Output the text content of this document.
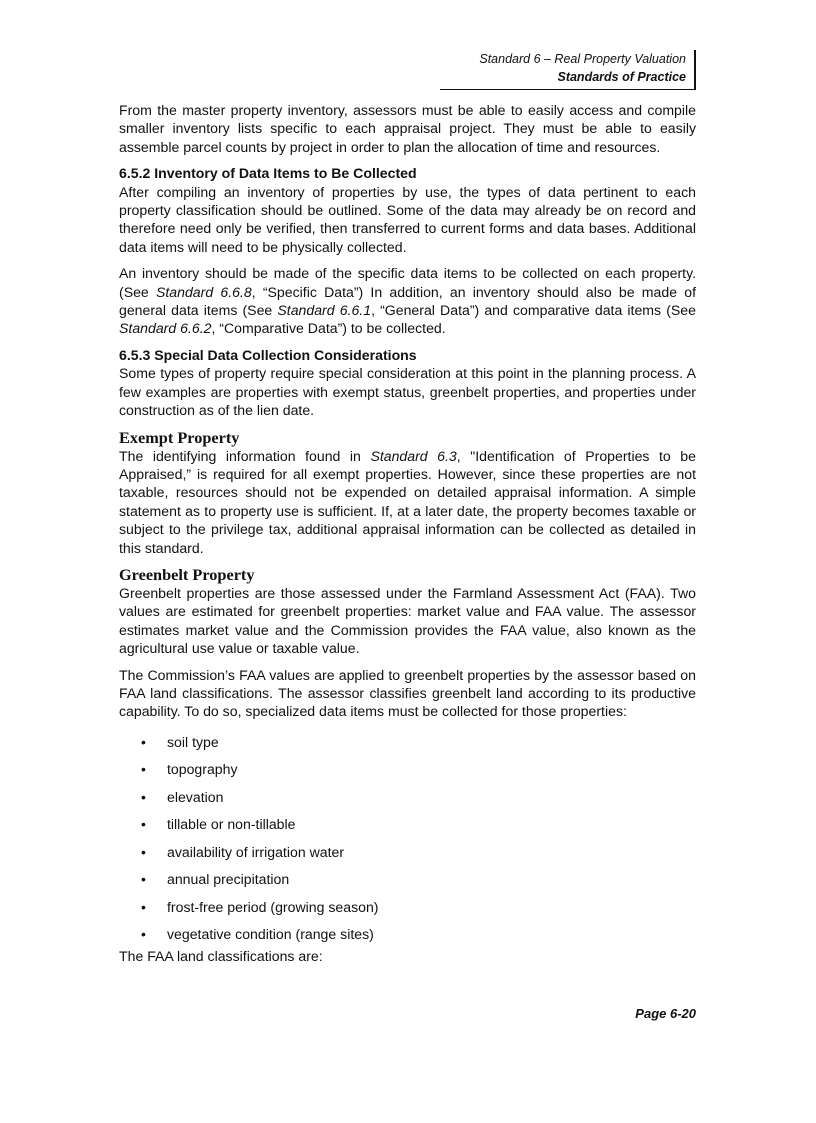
Standard 6 – Real Property Valuation
Standards of Practice

From the master property inventory, assessors must be able to easily access and compile smaller inventory lists specific to each appraisal project. They must be able to easily assemble parcel counts by project in order to plan the allocation of time and resources.

6.5.2 Inventory of Data Items to Be Collected

After compiling an inventory of properties by use, the types of data pertinent to each property classification should be outlined. Some of the data may already be on record and therefore need only be verified, then transferred to current forms and data bases. Additional data items will need to be physically collected.

An inventory should be made of the specific data items to be collected on each property. (See Standard 6.6.8, “Specific Data”) In addition, an inventory should also be made of general data items (See Standard 6.6.1, “General Data”) and comparative data items (See Standard 6.6.2, “Comparative Data”) to be collected.

6.5.3 Special Data Collection Considerations

Some types of property require special consideration at this point in the planning process. A few examples are properties with exempt status, greenbelt properties, and properties under construction as of the lien date.

Exempt Property

The identifying information found in Standard 6.3, "Identification of Properties to be Appraised,” is required for all exempt properties. However, since these properties are not taxable, resources should not be expended on detailed appraisal information. A simple statement as to property use is sufficient. If, at a later date, the property becomes taxable or subject to the privilege tax, additional appraisal information can be collected as detailed in this standard.

Greenbelt Property

Greenbelt properties are those assessed under the Farmland Assessment Act (FAA). Two values are estimated for greenbelt properties: market value and FAA value. The assessor estimates market value and the Commission provides the FAA value, also known as the agricultural use value or taxable value.

The Commission’s FAA values are applied to greenbelt properties by the assessor based on FAA land classifications. The assessor classifies greenbelt land according to its productive capability. To do so, specialized data items must be collected for those properties:

• soil type
• topography
• elevation
• tillable or non-tillable
• availability of irrigation water
• annual precipitation
• frost-free period (growing season)
• vegetative condition (range sites)

The FAA land classifications are:

Page 6-20
